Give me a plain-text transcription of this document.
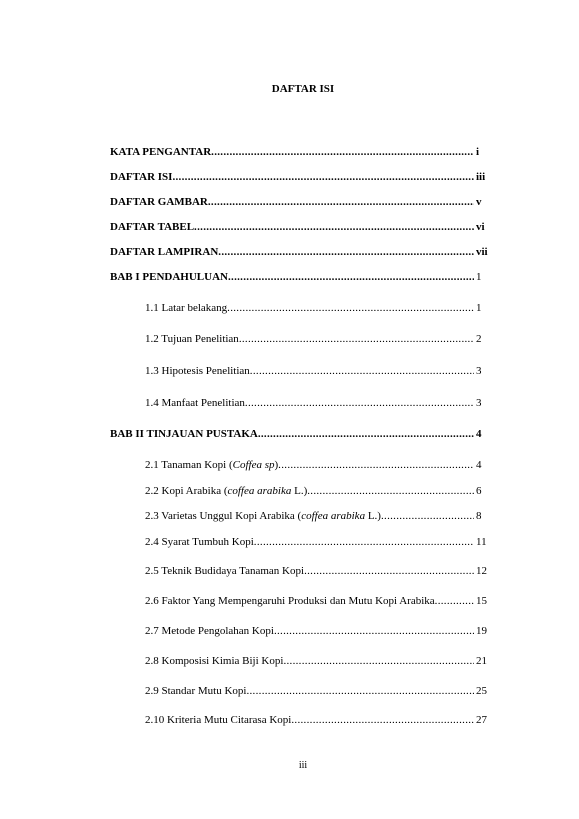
DAFTAR ISI
KATA PENGANTAR .....	i
DAFTAR ISI .....	iii
DAFTAR GAMBAR .....	v
DAFTAR TABEL .....	vi
DAFTAR LAMPIRAN .....	vii
BAB I PENDAHULUAN .....	1
1.1 Latar belakang .....	1
1.2 Tujuan Penelitian .....	2
1.3 Hipotesis Penelitian .....	3
1.4 Manfaat Penelitian .....	3
BAB II TINJAUAN PUSTAKA .....	4
2.1 Tanaman Kopi (Coffea sp) .....	4
2.2 Kopi Arabika (coffea arabika L.) .....	6
2.3 Varietas Unggul Kopi Arabika (coffea arabika L.) .....	8
2.4 Syarat Tumbuh Kopi .....	11
2.5 Teknik Budidaya Tanaman Kopi .....	12
2.6 Faktor Yang Mempengaruhi Produksi dan Mutu Kopi Arabika .....	15
2.7 Metode Pengolahan Kopi .....	19
2.8 Komposisi Kimia Biji Kopi .....	21
2.9 Standar Mutu Kopi .....	25
2.10 Kriteria Mutu Citarasa Kopi .....	27
iii
